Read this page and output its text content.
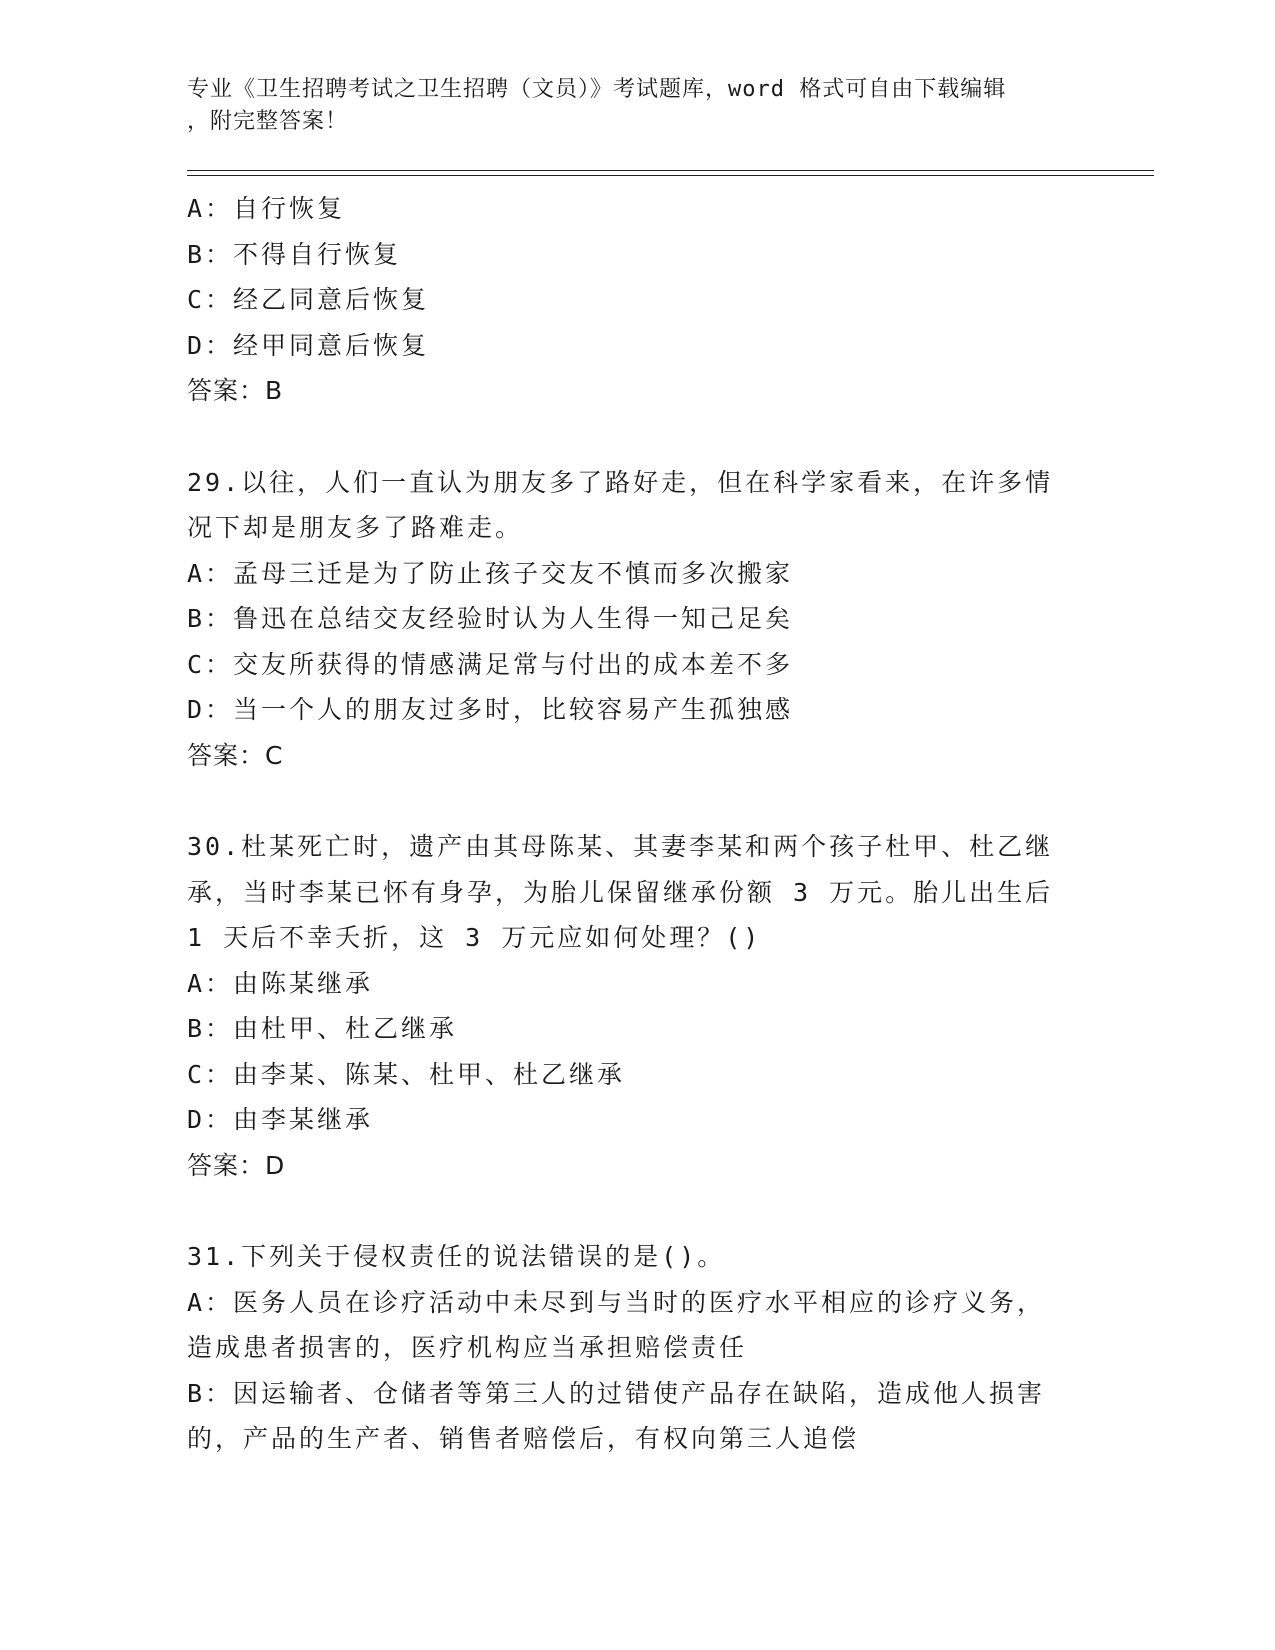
专业《卫生招聘考试之卫生招聘（文员）》考试题库，word 格式可自由下载编辑
，附完整答案！
A：自行恢复
B：不得自行恢复
C：经乙同意后恢复
D：经甲同意后恢复
答案：B
29.以往，人们一直认为朋友多了路好走，但在科学家看来，在许多情
况下却是朋友多了路难走。
A：孟母三迁是为了防止孩子交友不慎而多次搬家
B：鲁迅在总结交友经验时认为人生得一知己足矣
C：交友所获得的情感满足常与付出的成本差不多
D：当一个人的朋友过多时，比较容易产生孤独感
答案：C
30.杜某死亡时，遗产由其母陈某、其妻李某和两个孩子杜甲、杜乙继
承，当时李某已怀有身孕，为胎儿保留继承份额 3 万元。胎儿出生后
1 天后不幸夭折，这 3 万元应如何处理？()
A：由陈某继承
B：由杜甲、杜乙继承
C：由李某、陈某、杜甲、杜乙继承
D：由李某继承
答案：D
31.下列关于侵权责任的说法错误的是()。
A：医务人员在诊疗活动中未尽到与当时的医疗水平相应的诊疗义务，
造成患者损害的，医疗机构应当承担赔偿责任
B：因运输者、仓储者等第三人的过错使产品存在缺陷，造成他人损害
的，产品的生产者、销售者赔偿后，有权向第三人追偿
